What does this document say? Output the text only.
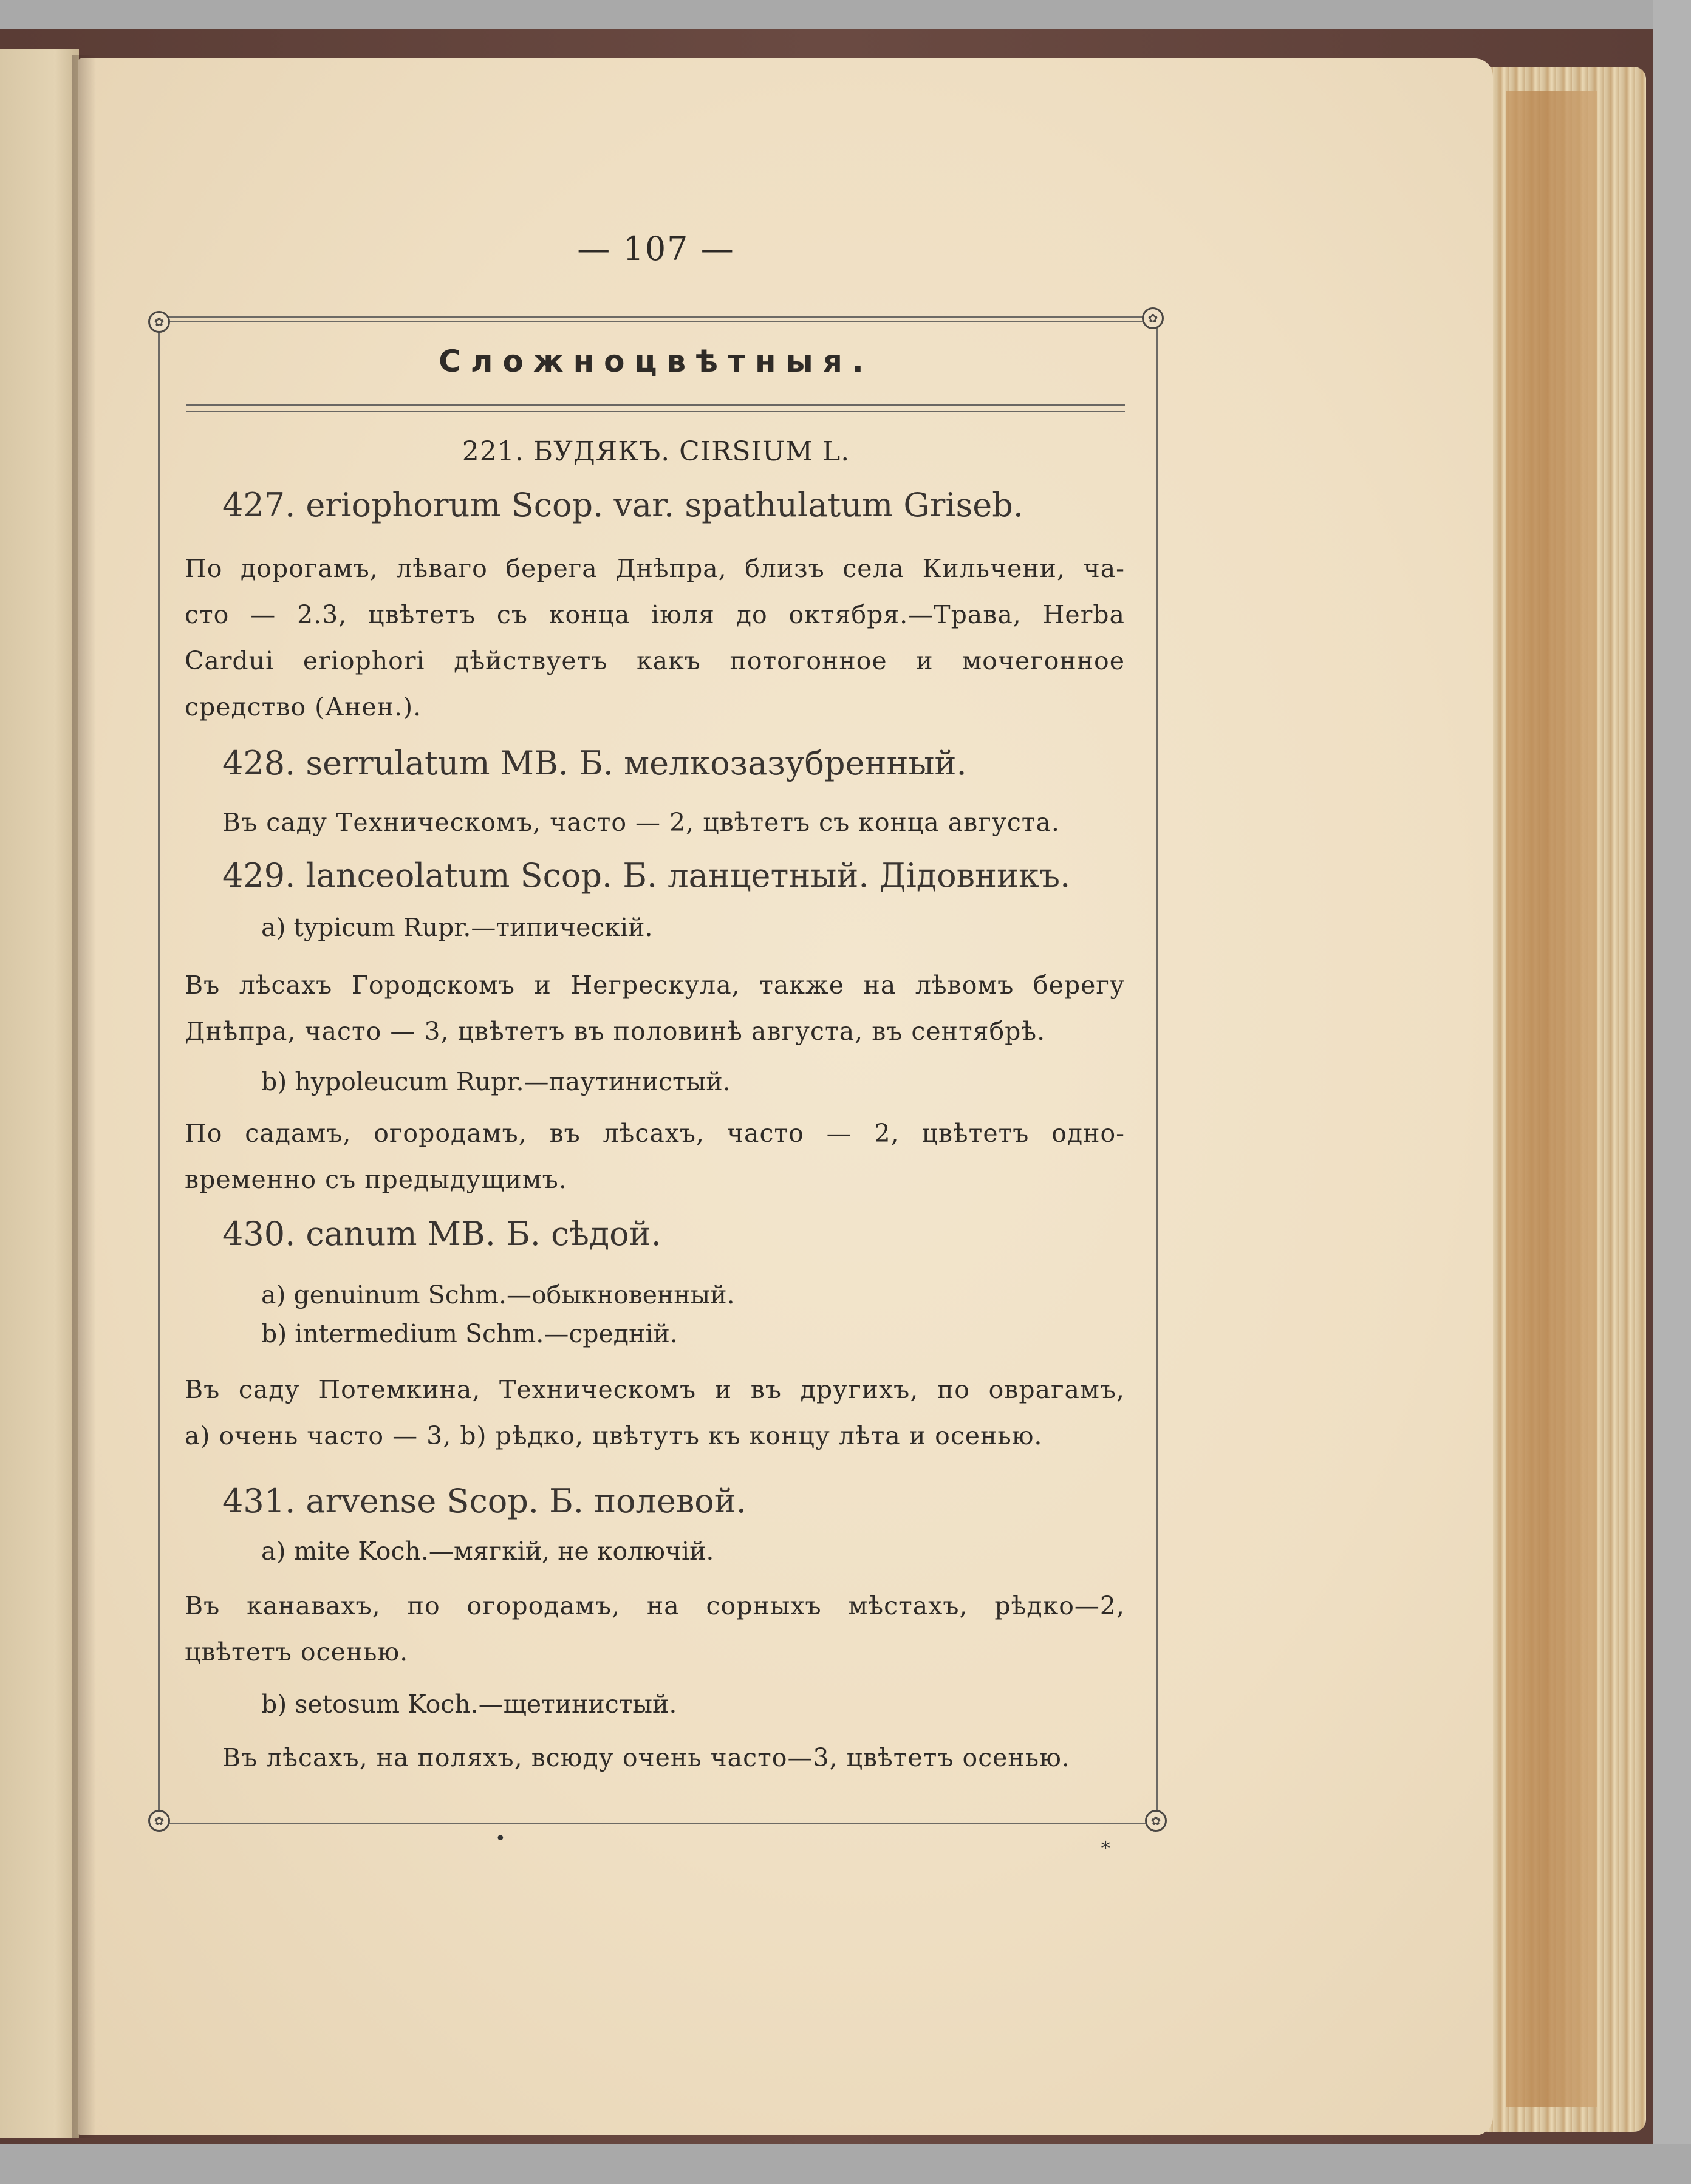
— 107 —
✿	✿
✿	✿
Сложноцвѣтныя.
221. БУДЯКЪ. CIRSIUM L.
427. eriophorum Scop. var. spathulatum Griseb.
По дорогамъ, лѣваго берега Днѣпра, близъ села Кильчени, ча-
сто — 2.3, цвѣтетъ съ конца іюля до октября.—Трава, Herba
Cardui eriophori дѣйствуетъ какъ потогонное и мочегонное
средство (Анен.).
428. serrulatum MB. Б. мелкозазубренный.
Въ саду Техническомъ, часто — 2, цвѣтетъ съ конца августа.
429. lanceolatum Scop. Б. ланцетный. Дідовникъ.
a) typicum Rupr.—типическій.
Въ лѣсахъ Городскомъ и Негрескула, также на лѣвомъ берегу
Днѣпра, часто — 3, цвѣтетъ въ половинѣ августа, въ сентябрѣ.
b) hypoleucum Rupr.—паутинистый.
По садамъ, огородамъ, въ лѣсахъ, часто — 2, цвѣтетъ одно-
временно съ предыдущимъ.
430. canum MB. Б. сѣдой.
a) genuinum Schm.—обыкновенный.
b) intermedium Schm.—средній.
Въ саду Потемкина, Техническомъ и въ другихъ, по оврагамъ,
a) очень часто — 3, b) рѣдко, цвѣтутъ къ концу лѣта и осенью.
431. arvense Scop. Б. полевой.
a) mite Koch.—мягкій, не колючій.
Въ канавахъ, по огородамъ, на сорныхъ мѣстахъ, рѣдко—2,
цвѣтетъ осенью.
b) setosum Koch.—щетинистый.
Въ лѣсахъ, на поляхъ, всюду очень часто—3, цвѣтетъ осенью.
•	∗
